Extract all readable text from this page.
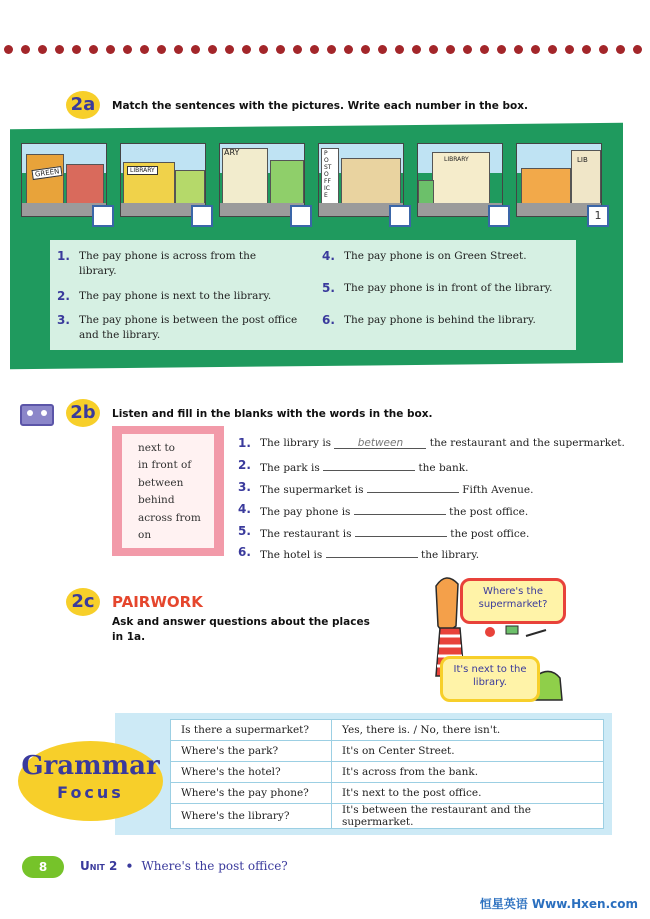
2a	Match the sentences with the pictures. Write each number in the box.
GREEN	LIBRARY
ARY	POST OFFICE
LIBRARY	LIB
1
1. The pay phone is across from the library.
2. The pay phone is next to the library.
3. The pay phone is between the post office and the library.
4. The pay phone is on Green Street.
5. The pay phone is in front of the library.
6. The pay phone is behind the library.
2b	Listen and fill in the blanks with the words in the box.
next to
in front of
between
behind
across from
on
1. The library is	between	the restaurant and the supermarket.
2. The park is	the bank.
3. The supermarket is	Fifth Avenue.
4. The pay phone is	the post office.
5. The restaurant is	the post office.
6. The hotel is	the library.
2c	PAIRWORK
Ask and answer questions about the places in 1a.
Where's the supermarket?
It's next to the library.
Is there a supermarket?	Yes, there is. / No, there isn't.
Where's the park?	It's on Center Street.
Where's the hotel?	It's across from the bank.
Where's the pay phone?	It's next to the post office.
Where's the library?	It's between the restaurant and the supermarket.
Grammar
Focus
8	Unit 2 • Where's the post office?
恒星英语 Www.Hxen.com
